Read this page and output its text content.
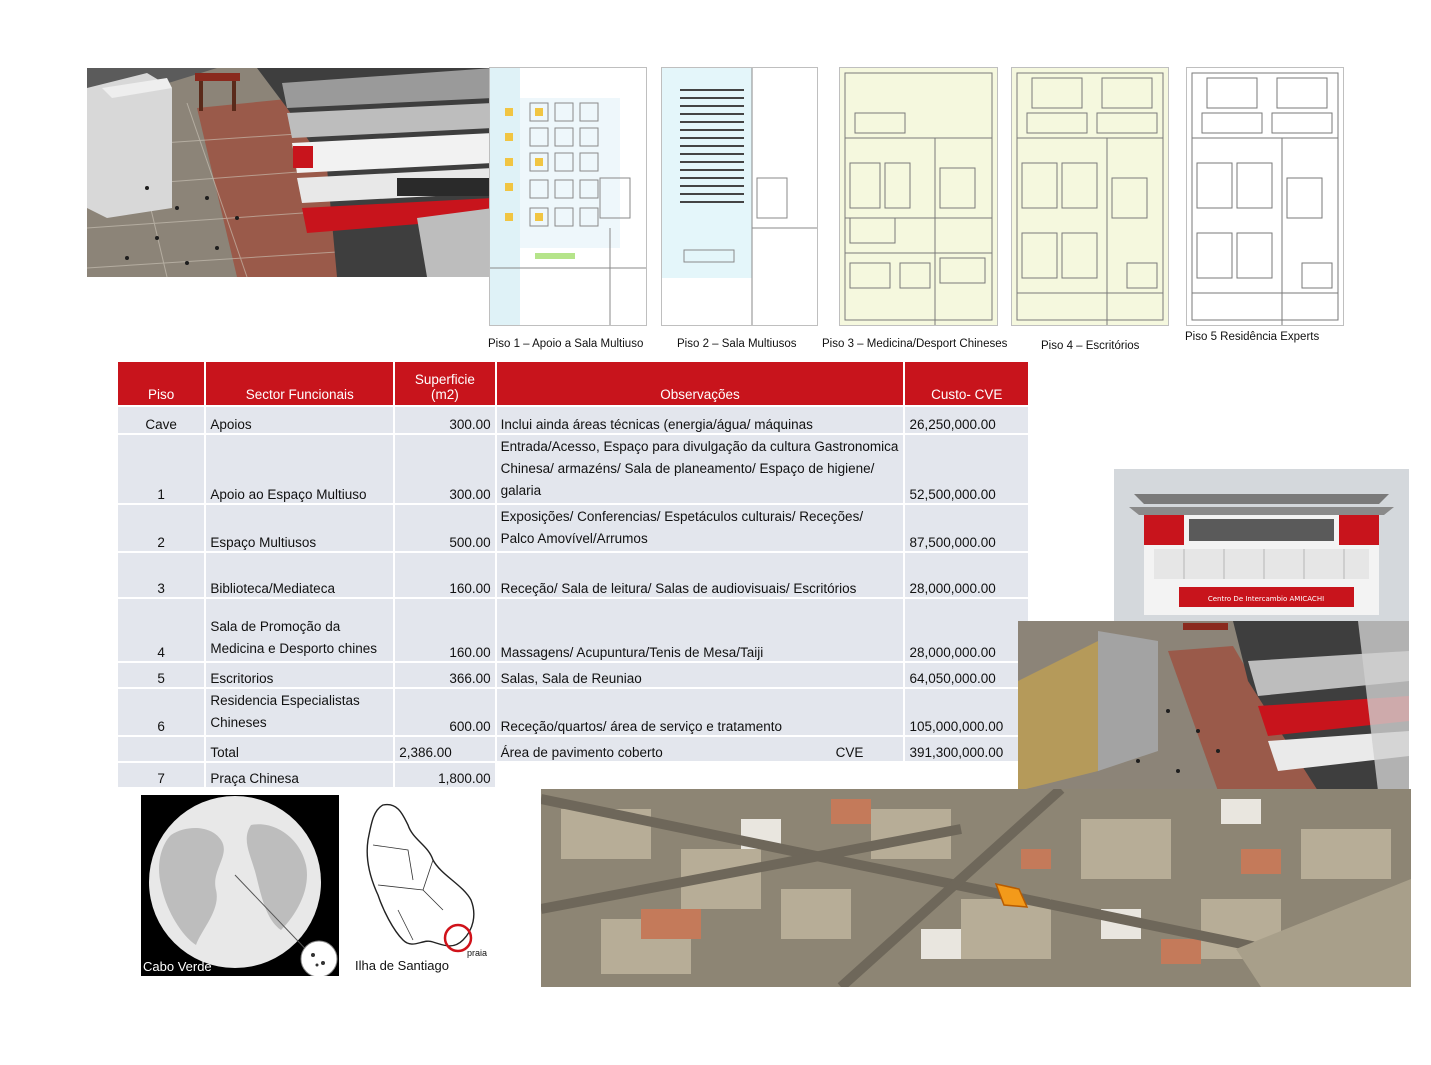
Piso 1 – Apoio a Sala Multiuso	Piso 2 – Sala Multiusos Piso 3 – Medicina/Desport Chineses	Piso 4 – Escritórios
Piso 5 Residência Experts
Piso	Sector Funcionais	Superficie (m2)	Observações	Custo- CVE
Cave	Apoios	300.00	Inclui ainda áreas técnicas (energia/água/ máquinas	26,250,000.00
1	Apoio ao Espaço Multiuso	300.00	Entrada/Acesso, Espaço para divulgação da cultura Gastronomica Chinesa/ armazéns/ Sala de planeamento/ Espaço de higiene/ galaria	52,500,000.00
2	Espaço Multiusos	500.00	Exposições/ Conferencias/ Espetáculos culturais/ Receções/ Palco Amovível/Arrumos	87,500,000.00
3	Biblioteca/Mediateca	160.00	Receção/ Sala de leitura/ Salas de audiovisuais/ Escritórios	28,000,000.00
4	Sala de Promoção da Medicina e Desporto chines	160.00	Massagens/ Acupuntura/Tenis de Mesa/Taiji	28,000,000.00
5	Escritorios	366.00	Salas, Sala de Reuniao	64,050,000.00
6	Residencia Especialistas Chineses	600.00	Receção/quartos/ área de serviço e tratamento	105,000,000.00
	Total	2,386.00	Área de pavimento coberto CVE	391,300,000.00
7	Praça Chinesa	1,800.00		
Centro De Intercambio AMICACHI
Cabo Verde
praia
Ilha de Santiago
